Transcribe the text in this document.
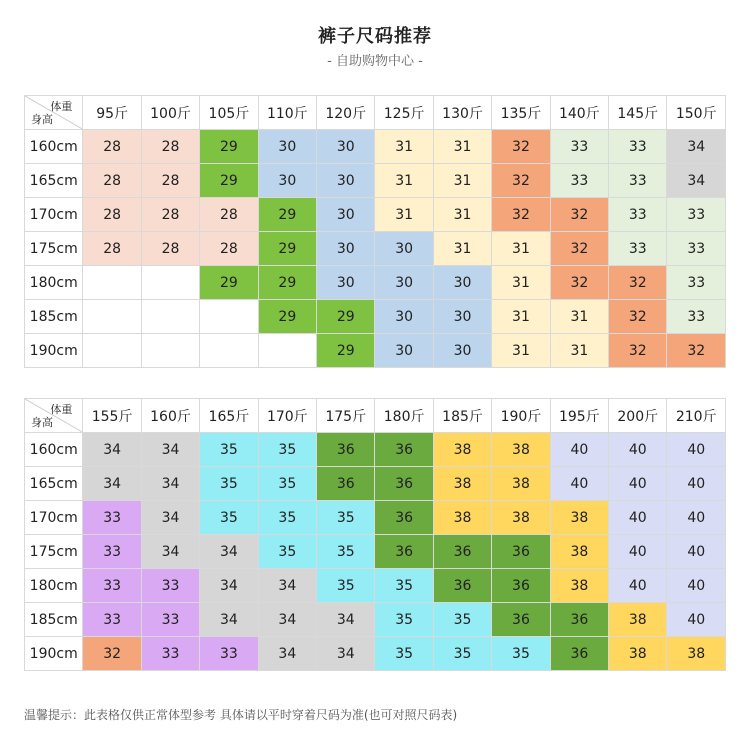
裤子尺码推荐
- 自助购物中心 -
体重
身高	95斤	100斤	105斤	110斤	120斤	125斤	130斤	135斤	140斤	145斤	150斤
160cm	28	28	29	30	30	31	31	32	33	33	34
165cm	28	28	29	30	30	31	31	32	33	33	34
170cm	28	28	28	29	30	31	31	32	32	33	33
175cm	28	28	28	29	30	30	31	31	32	33	33
180cm			29	29	30	30	30	31	32	32	33
185cm				29	29	30	30	31	31	32	33
190cm					29	30	30	31	31	32	32
体重
身高	155斤	160斤	165斤	170斤	175斤	180斤	185斤	190斤	195斤	200斤	210斤
160cm	34	34	35	35	36	36	38	38	40	40	40
165cm	34	34	35	35	36	36	38	38	40	40	40
170cm	33	34	35	35	35	36	38	38	38	40	40
175cm	33	34	34	35	35	36	36	36	38	40	40
180cm	33	33	34	34	35	35	36	36	38	40	40
185cm	33	33	34	34	34	35	35	36	36	38	40
190cm	32	33	33	34	34	35	35	35	36	38	38
温馨提示：此表格仅供正常体型参考 具体请以平时穿着尺码为准(也可对照尺码表)
